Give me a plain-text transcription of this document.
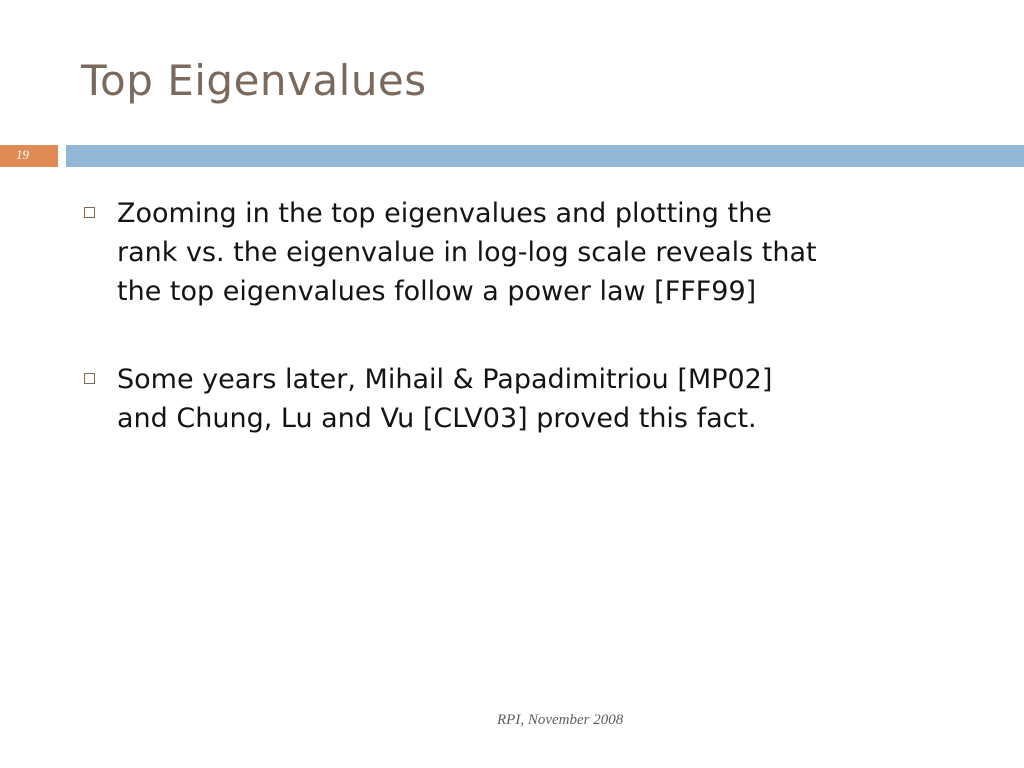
Top Eigenvalues
19
Zooming in the top eigenvalues and plotting the
rank vs. the eigenvalue in log-log scale reveals that
the top eigenvalues follow a power law [FFF99]
Some years later, Mihail & Papadimitriou [MP02]
and Chung, Lu and Vu [CLV03] proved this fact.
RPI, November 2008
